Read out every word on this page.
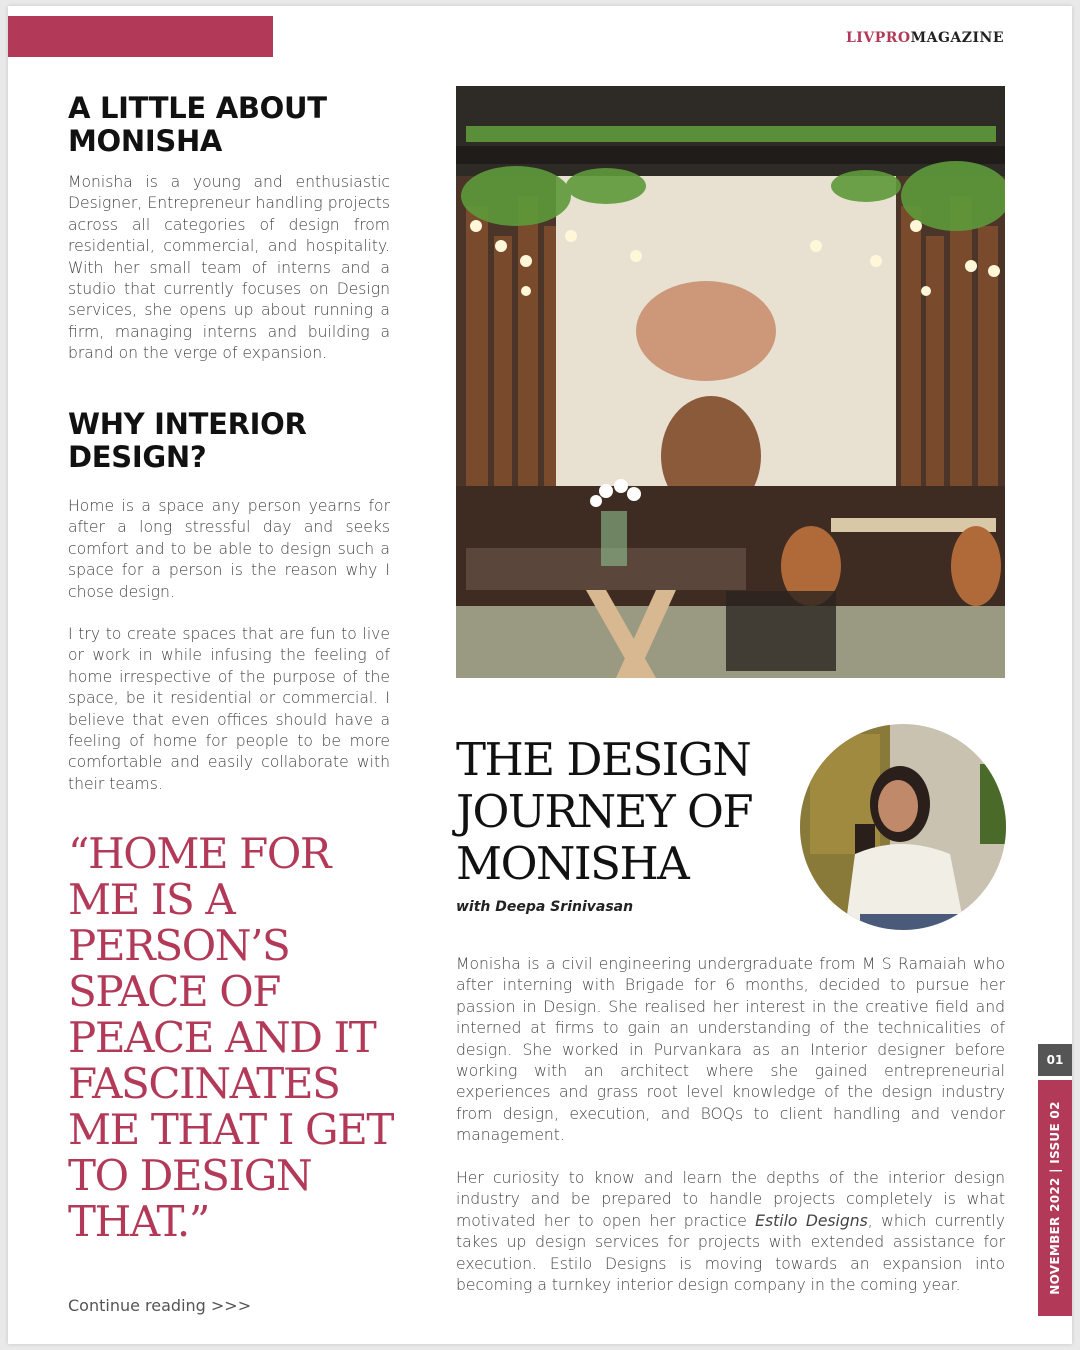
LIVPROMAGAZINE
A LITTLE ABOUT MONISHA
Monisha is a young and enthusiastic Designer, Entrepreneur handling projects across all categories of design from residential, commercial, and hospitality. With her small team of interns and a studio that currently focuses on Design services, she opens up about running a firm, managing interns and building a brand on the verge of expansion.
WHY INTERIOR DESIGN?
Home is a space any person yearns for after a long stressful day and seeks comfort and to be able to design such a space for a person is the reason why I chose design.
I try to create spaces that are fun to live or work in while infusing the feeling of home irrespective of the purpose of the space, be it residential or commercial. I believe that even offices should have a feeling of home for people to be more comfortable and easily collaborate with their teams.
“HOME FOR ME IS A PERSON’S SPACE OF PEACE AND IT FASCINATES ME THAT I GET TO DESIGN THAT.”
Continue reading >>>
THE DESIGN JOURNEY OF MONISHA
with Deepa Srinivasan
Monisha is a civil engineering undergraduate from M S Ramaiah who after interning with Brigade for 6 months, decided to pursue her passion in Design. She realised her interest in the creative field and interned at firms to gain an understanding of the technicalities of design. She worked in Purvankara as an Interior designer before working with an architect where she gained entrepreneurial experiences and grass root level knowledge of the design industry from design, execution, and BOQs to client handling and vendor management.
Her curiosity to know and learn the depths of the interior design industry and be prepared to handle projects completely is what motivated her to open her practice Estilo Designs, which currently takes up design services for projects with extended assistance for execution. Estilo Designs is moving towards an expansion into becoming a turnkey interior design company in the coming year.
01
NOVEMBER 2022 | ISSUE 02
